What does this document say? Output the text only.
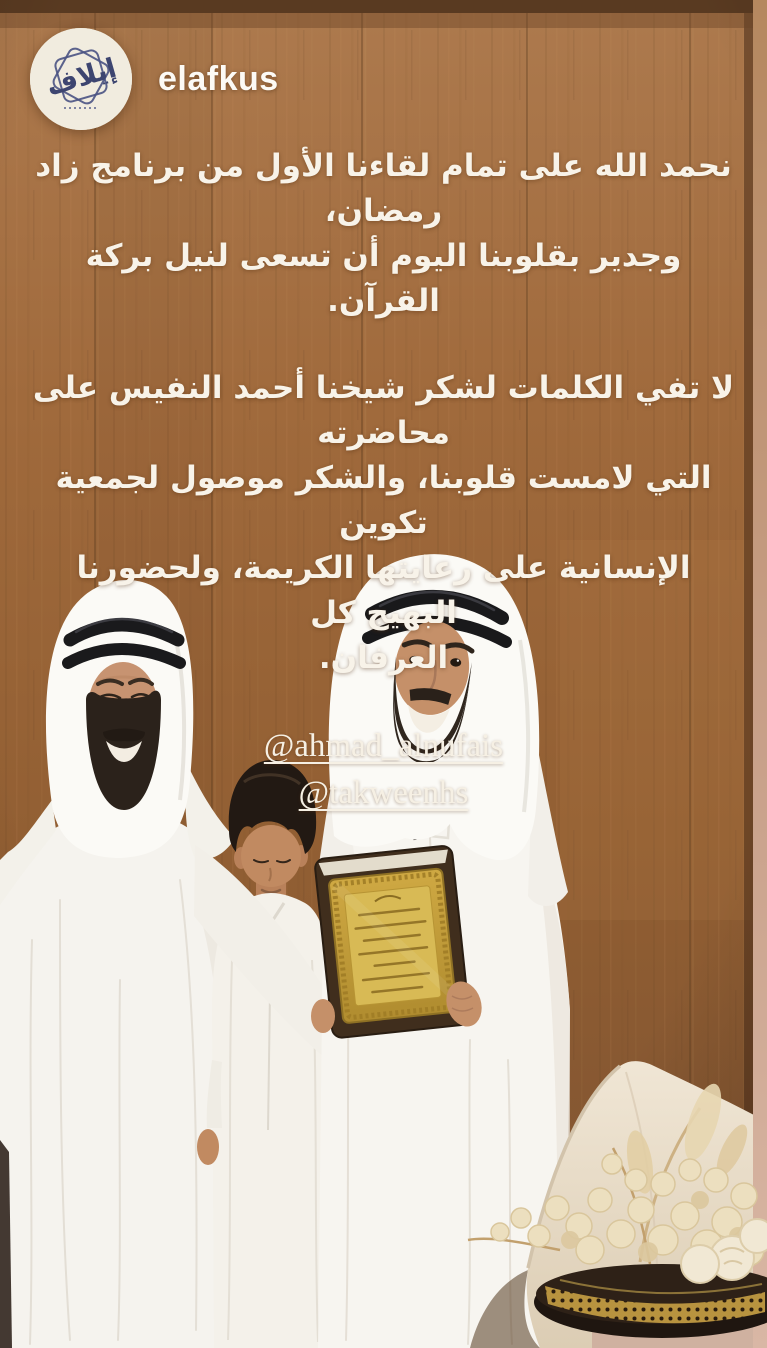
إيلاف elafkus

نحمد الله على تمام لقاءنا الأول من برنامج زاد رمضان،
وجدير بقلوبنا اليوم أن تسعى لنيل بركة القرآن.

لا تفي الكلمات لشكر شيخنا أحمد النفيس على محاضرته
التي لامست قلوبنا، والشكر موصول لجمعية تكوين
الإنسانية على رعايتها الكريمة، ولحضورنا البهيج كل
العرفان.

@ahmad_alnufais
@takweenhs
